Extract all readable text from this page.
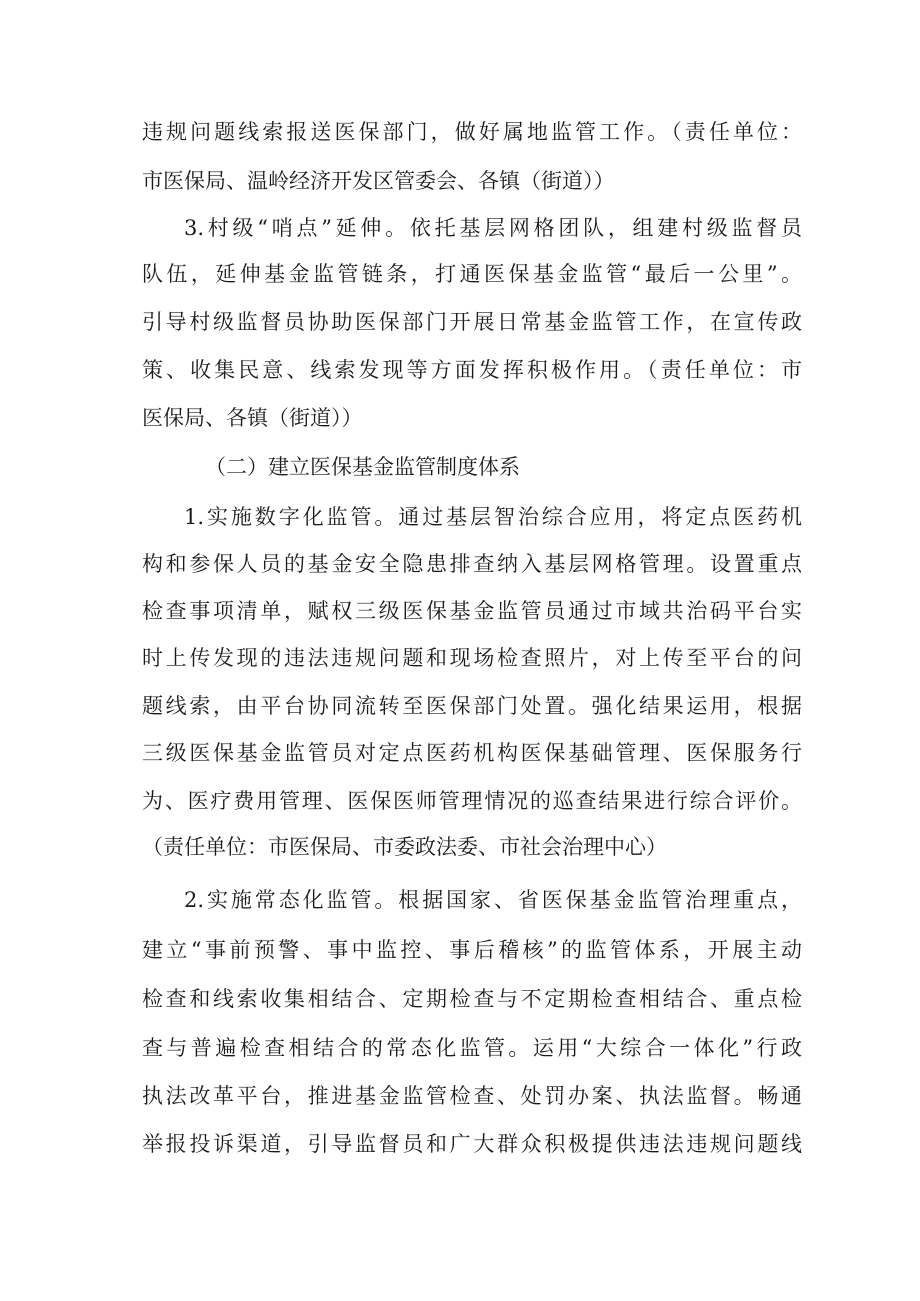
违规问题线索报送医保部门，做好属地监管工作。（责任单位：
市医保局、温岭经济开发区管委会、各镇（街道））
3.村级“哨点”延伸。依托基层网格团队，组建村级监督员
队伍，延伸基金监管链条，打通医保基金监管“最后一公里”。
引导村级监督员协助医保部门开展日常基金监管工作，在宣传政
策、收集民意、线索发现等方面发挥积极作用。（责任单位：市
医保局、各镇（街道））
（二）建立医保基金监管制度体系
1.实施数字化监管。通过基层智治综合应用，将定点医药机
构和参保人员的基金安全隐患排查纳入基层网格管理。设置重点
检查事项清单，赋权三级医保基金监管员通过市域共治码平台实
时上传发现的违法违规问题和现场检查照片，对上传至平台的问
题线索，由平台协同流转至医保部门处置。强化结果运用，根据
三级医保基金监管员对定点医药机构医保基础管理、医保服务行
为、医疗费用管理、医保医师管理情况的巡查结果进行综合评价。
（责任单位：市医保局、市委政法委、市社会治理中心）
2.实施常态化监管。根据国家、省医保基金监管治理重点，
建立“事前预警、事中监控、事后稽核”的监管体系，开展主动
检查和线索收集相结合、定期检查与不定期检查相结合、重点检
查与普遍检查相结合的常态化监管。运用“大综合一体化”行政
执法改革平台，推进基金监管检查、处罚办案、执法监督。畅通
举报投诉渠道，引导监督员和广大群众积极提供违法违规问题线
